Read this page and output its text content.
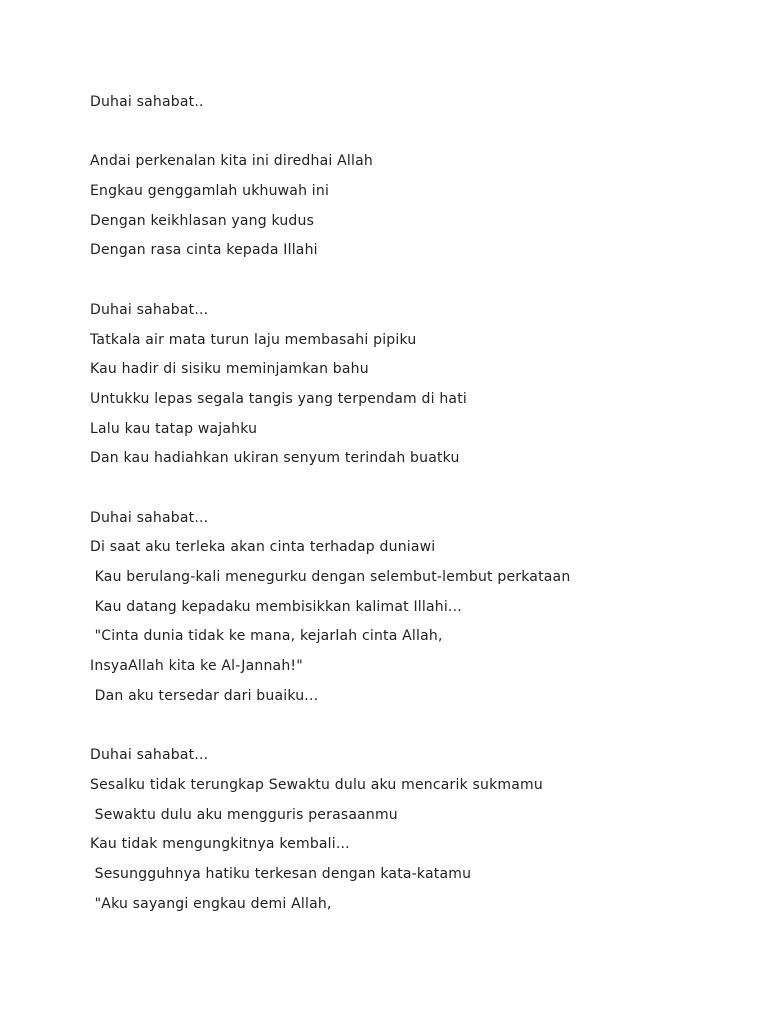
Duhai sahabat..
Andai perkenalan kita ini diredhai Allah
Engkau genggamlah ukhuwah ini
Dengan keikhlasan yang kudus
Dengan rasa cinta kepada Illahi
Duhai sahabat...
Tatkala air mata turun laju membasahi pipiku
Kau hadir di sisiku meminjamkan bahu
Untukku lepas segala tangis yang terpendam di hati
Lalu kau tatap wajahku
Dan kau hadiahkan ukiran senyum terindah buatku
Duhai sahabat...
Di saat aku terleka akan cinta terhadap duniawi
Kau berulang-kali menegurku dengan selembut-lembut perkataan
Kau datang kepadaku membisikkan kalimat Illahi...
"Cinta dunia tidak ke mana, kejarlah cinta Allah,
InsyaAllah kita ke Al-Jannah!"
Dan aku tersedar dari buaiku...
Duhai sahabat...
Sesalku tidak terungkap Sewaktu dulu aku mencarik sukmamu
Sewaktu dulu aku mengguris perasaanmu
Kau tidak mengungkitnya kembali...
Sesungguhnya hatiku terkesan dengan kata-katamu
"Aku sayangi engkau demi Allah,
